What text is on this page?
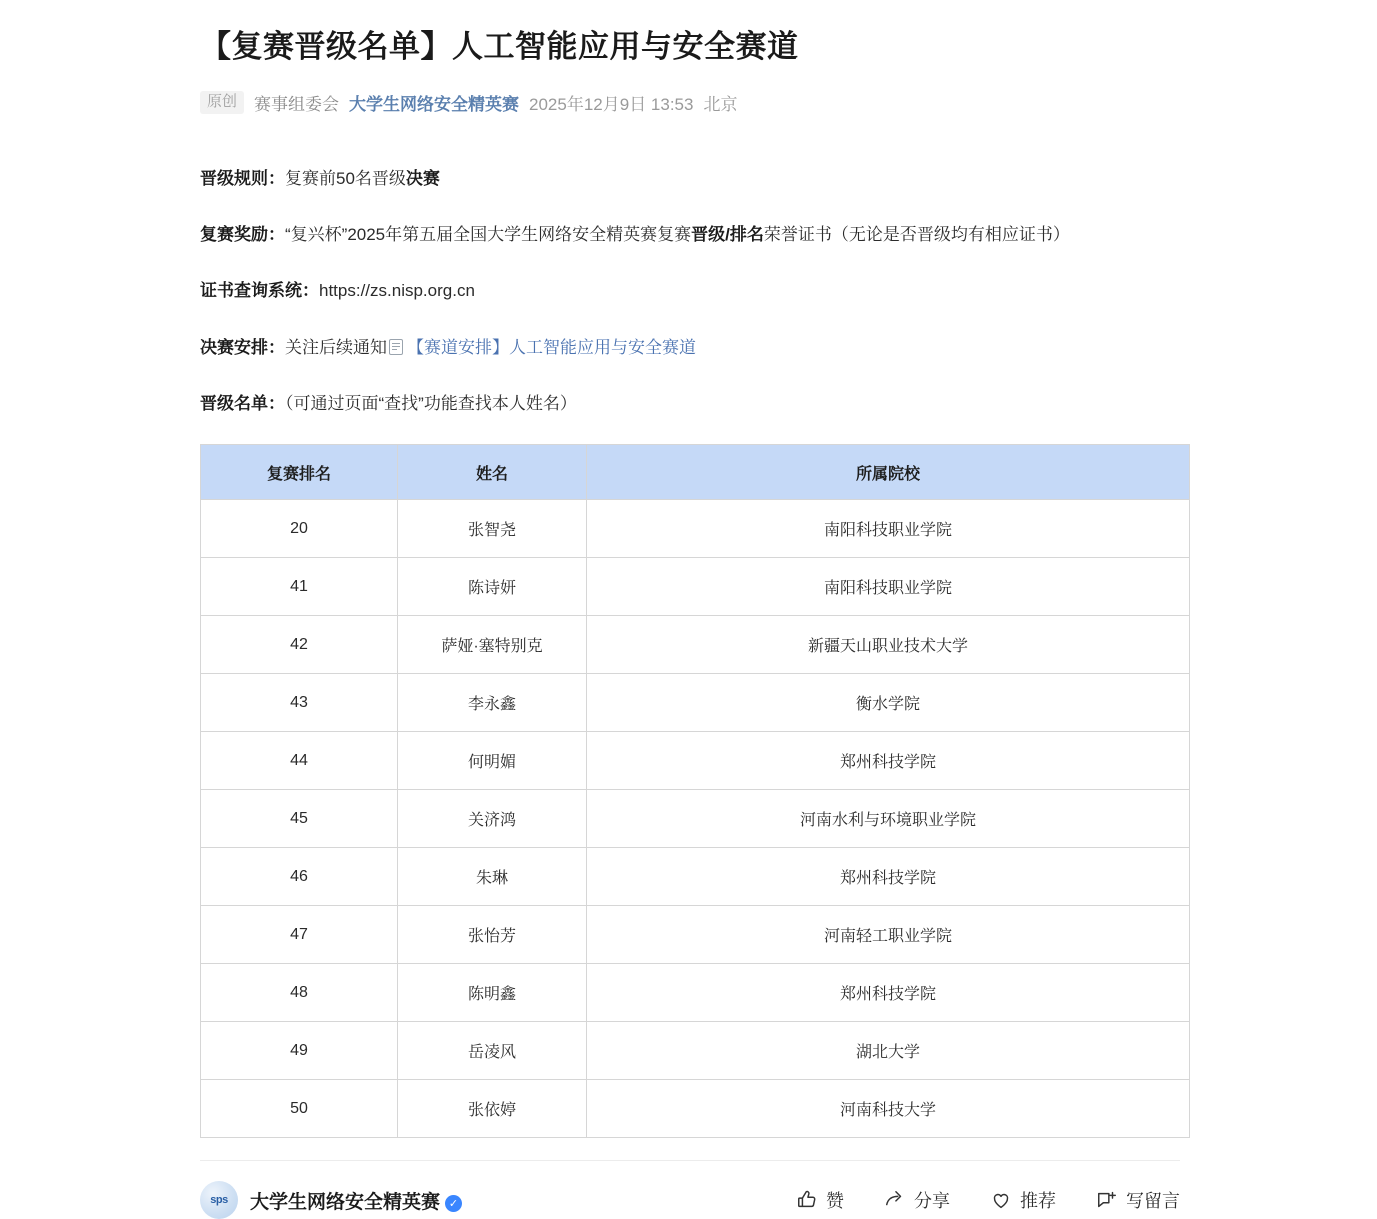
【复赛晋级名单】人工智能应用与安全赛道
原创	赛事组委会 大学生网络安全精英赛 2025年12月9日 13:53 北京

晋级规则：复赛前50名晋级决赛

复赛奖励：“复兴杯”2025年第五届全国大学生网络安全精英赛复赛晋级/排名荣誉证书（无论是否晋级均有相应证书）

证书查询系统：https://zs.nisp.org.cn

决赛安排：关注后续通知 【赛道安排】人工智能应用与安全赛道

晋级名单：（可通过页面“查找”功能查找本人姓名）

复赛排名	姓名	所属院校
20	张智尧	南阳科技职业学院
41	陈诗妍	南阳科技职业学院
42	萨娅·塞特别克	新疆天山职业技术大学
43	李永鑫	衡水学院
44	何明媚	郑州科技学院
45	关济鸿	河南水利与环境职业学院
46	朱琳	郑州科技学院
47	张怡芳	河南轻工职业学院
48	陈明鑫	郑州科技学院
49	岳凌风	湖北大学
50	张依婷	河南科技大学
sps	大学生网络安全精英赛 ✓	赞	分享	推荐	写留言
